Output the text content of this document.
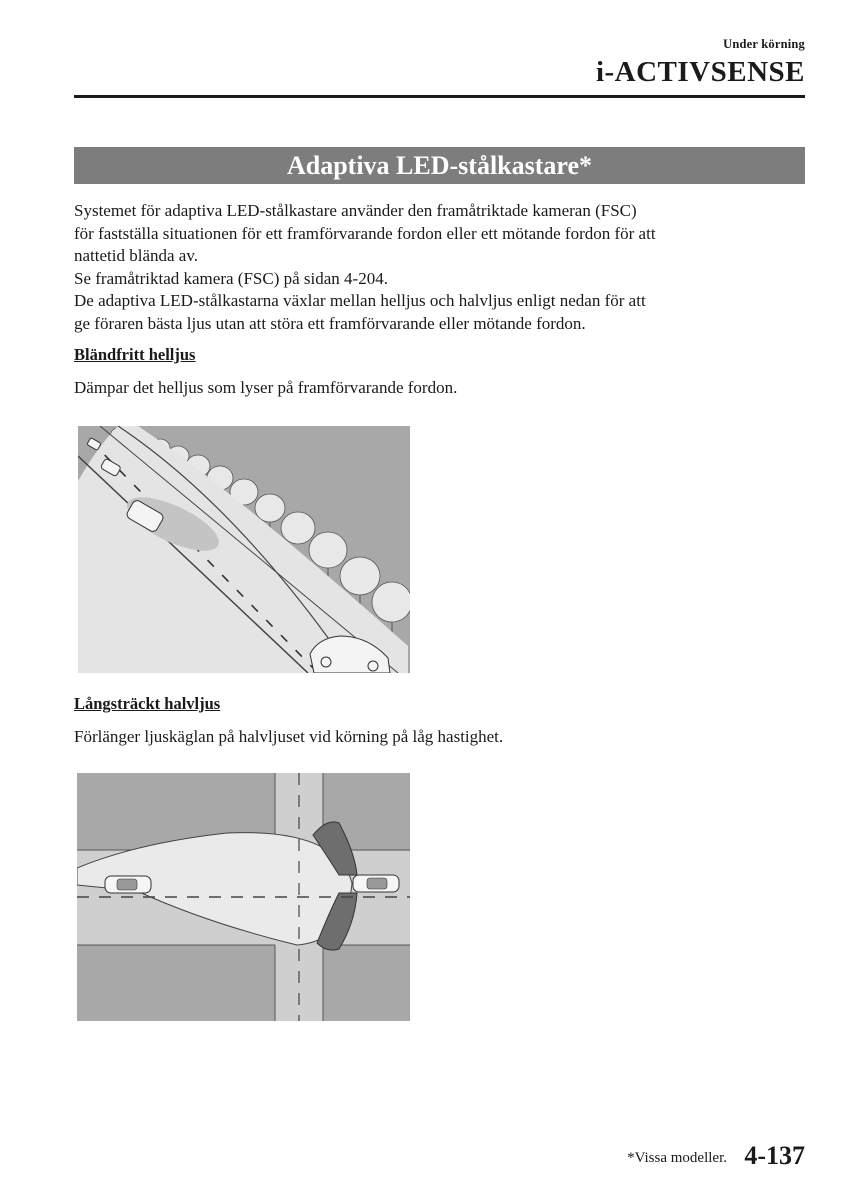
Under körning
i-ACTIVSENSE
Adaptiva LED-stålkastare*

Systemet för adaptiva LED-stålkastare använder den framåtriktade kameran (FSC)
för fastställa situationen för ett framförvarande fordon eller ett mötande fordon för att
nattetid blända av.
Se framåtriktad kamera (FSC) på sidan 4-204.
De adaptiva LED-stålkastarna växlar mellan helljus och halvljus enligt nedan för att
ge föraren bästa ljus utan att störa ett framförvarande eller mötande fordon.

Bländfritt helljus
Dämpar det helljus som lyser på framförvarande fordon.
Långsträckt halvljus
Förlänger ljuskäglan på halvljuset vid körning på låg hastighet.
*Vissa modeller. 4-137
